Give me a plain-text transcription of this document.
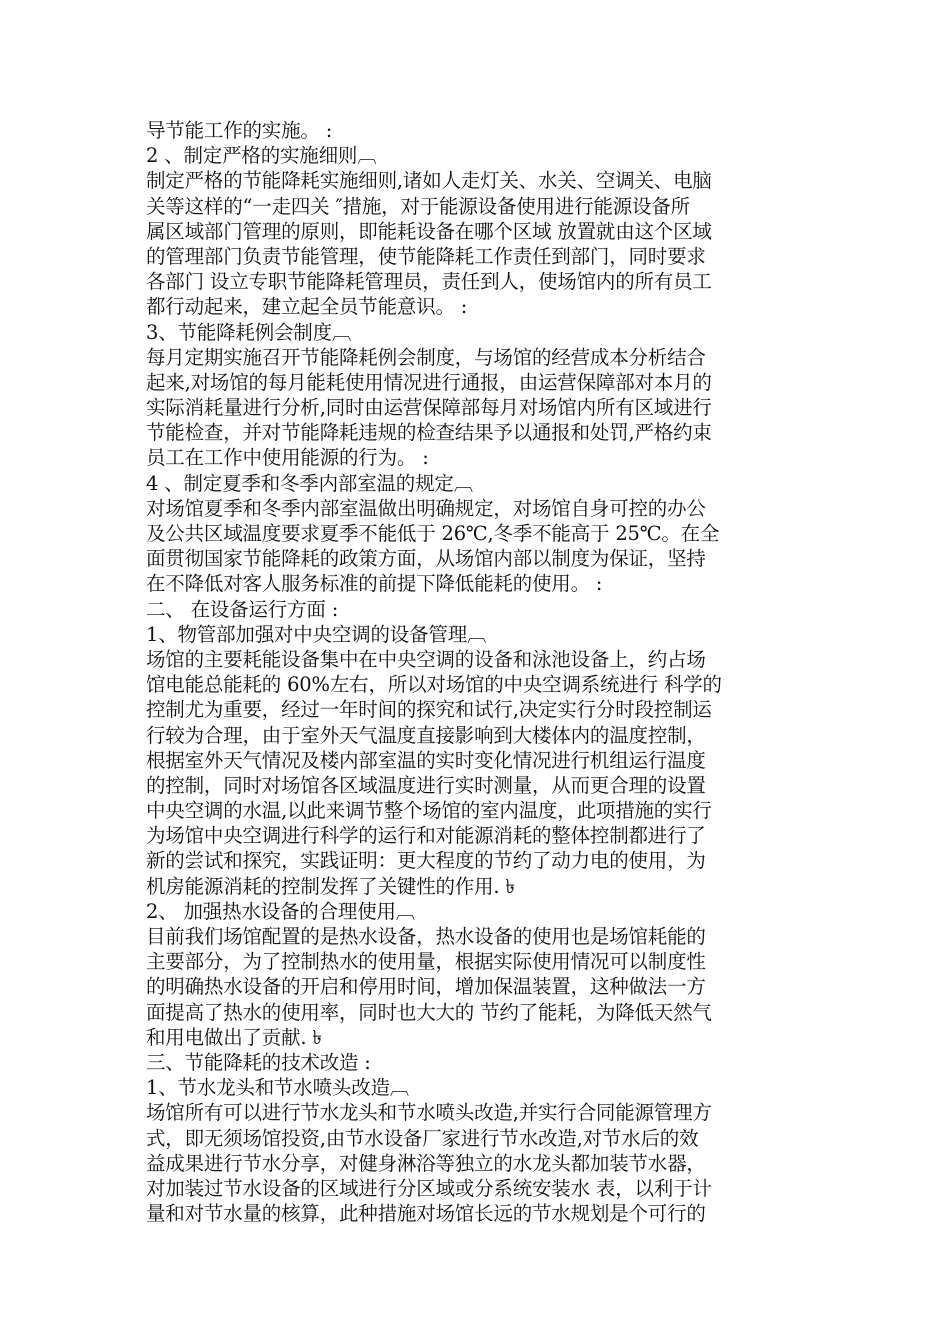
导节能工作的实施。 :
2 、制定严格的实施细则︹
制定严格的节能降耗实施细则,诸如人走灯关、水关、空调关、电脑
关等这样的“一走四关 ″措施，对于能源设备使用进行能源设备所
属区域部门管理的原则，即能耗设备在哪个区域 放置就由这个区域
的管理部门负责节能管理，使节能降耗工作责任到部门，同时要求
各部门 设立专职节能降耗管理员，责任到人，使场馆内的所有员工
都行动起来，建立起全员节能意识。 :
3、节能降耗例会制度︹
每月定期实施召开节能降耗例会制度，与场馆的经营成本分析结合
起来,对场馆的每月能耗使用情况进行通报，由运营保障部对本月的
实际消耗量进行分析,同时由运营保障部每月对场馆内所有区域进行
节能检查，并对节能降耗违规的检查结果予以通报和处罚,严格约束
员工在工作中使用能源的行为。 :
4 、制定夏季和冬季内部室温的规定︹
对场馆夏季和冬季内部室温做出明确规定，对场馆自身可控的办公
及公共区域温度要求夏季不能低于 26℃,冬季不能高于 25℃。在全
面贯彻国家节能降耗的政策方面，从场馆内部以制度为保证，坚持
在不降低对客人服务标准的前提下降低能耗的使用。 :
二、 在设备运行方面 :
1、物管部加强对中央空调的设备管理︹
场馆的主要耗能设备集中在中央空调的设备和泳池设备上，约占场
馆电能总能耗的 60%左右，所以对场馆的中央空调系统进行 科学的
控制尤为重要，经过一年时间的探究和试行,决定实行分时段控制运
行较为合理，由于室外天气温度直接影响到大楼体内的温度控制，
根据室外天气情况及楼内部室温的实时变化情况进行机组运行温度
的控制，同时对场馆各区域温度进行实时测量，从而更合理的设置
中央空调的水温,以此来调节整个场馆的室内温度，此项措施的实行
为场馆中央空调进行科学的运行和对能源消耗的整体控制都进行了
新的尝试和探究，实践证明：更大程度的节约了动力电的使用，为
机房能源消耗的控制发挥了关键性的作用. ৳
2、 加强热水设备的合理使用︹
目前我们场馆配置的是热水设备，热水设备的使用也是场馆耗能的
主要部分，为了控制热水的使用量，根据实际使用情况可以制度性
的明确热水设备的开启和停用时间，增加保温装置，这种做法一方
面提高了热水的使用率，同时也大大的 节约了能耗，为降低天然气
和用电做出了贡献. ৳
三、节能降耗的技术改造 :
1、节水龙头和节水喷头改造︹
场馆所有可以进行节水龙头和节水喷头改造,并实行合同能源管理方
式，即无须场馆投资,由节水设备厂家进行节水改造,对节水后的效
益成果进行节水分享，对健身淋浴等独立的水龙头都加装节水器，
对加装过节水设备的区域进行分区域或分系统安装水 表，以利于计
量和对节水量的核算，此种措施对场馆长远的节水规划是个可行的
